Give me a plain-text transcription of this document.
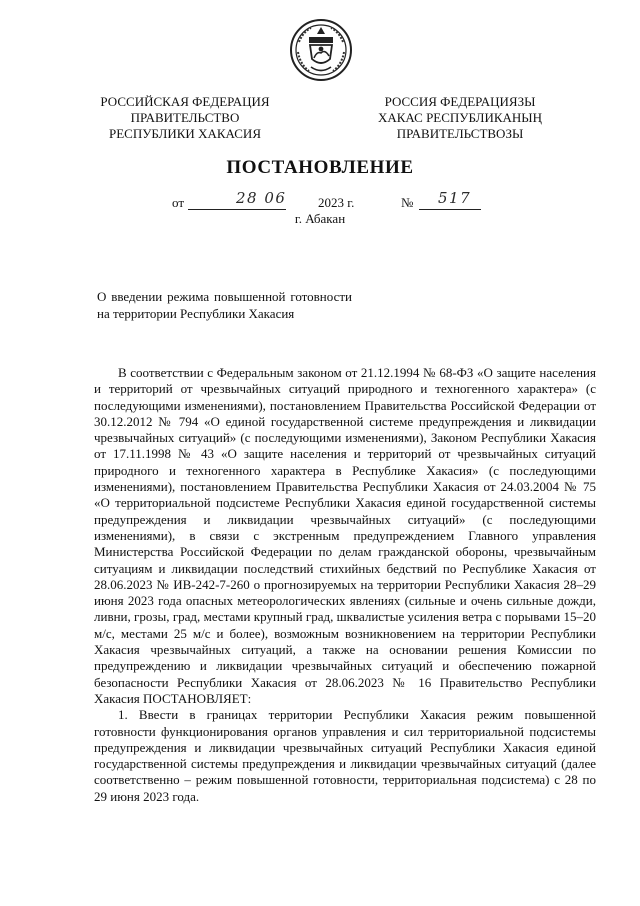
РОССИЙСКАЯ ФЕДЕРАЦИЯ
ПРАВИТЕЛЬСТВО
РЕСПУБЛИКИ ХАКАСИЯ
РОССИЯ ФЕДЕРАЦИЯЗЫ
ХАКАС РЕСПУБЛИКАНЫҢ
ПРАВИТЕЛЬСТВОЗЫ
ПОСТАНОВЛЕНИЕ
от	28 06 2023 г.	№ 517
г. Абакан
О введении режима повышенной готовности на территории Республики Хакасия

В соответствии с Федеральным законом от 21.12.1994 № 68-ФЗ «О защите населения и территорий от чрезвычайных ситуаций природного и техногенного характера» (с последующими изменениями), постановлением Правительства Российской Федерации от 30.12.2012 № 794 «О единой государственной системе предупреждения и ликвидации чрезвычайных ситуаций» (с последующими изменениями), Законом Республики Хакасия от 17.11.1998 № 43 «О защите населения и территорий от чрезвычайных ситуаций природного и техногенного характера в Республике Хакасия» (с последующими изменениями), постановлением Правительства Республики Хакасия от 24.03.2004 № 75 «О территориальной подсистеме Республики Хакасия единой государственной системы предупреждения и ликвидации чрезвычайных ситуаций» (с последующими изменениями), в связи с экстренным предупреждением Главного управления Министерства Российской Федерации по делам гражданской обороны, чрезвычайным ситуациям и ликвидации последствий стихийных бедствий по Республике Хакасия от 28.06.2023 № ИВ-242-7-260 о прогнозируемых на территории Республики Хакасия 28–29 июня 2023 года опасных метеорологических явлениях (сильные и очень сильные дожди, ливни, грозы, град, местами крупный град, шквалистые усиления ветра с порывами 15–20 м/с, местами 25 м/с и более), возможным возникновением на территории Республики Хакасия чрезвычайных ситуаций, а также на основании решения Комиссии по предупреждению и ликвидации чрезвычайных ситуаций и обеспечению пожарной безопасности Республики Хакасия от 28.06.2023 № 16 Правительство Республики Хакасия ПОСТАНОВЛЯЕТ:

1. Ввести в границах территории Республики Хакасия режим повышенной готовности функционирования органов управления и сил территориальной подсистемы предупреждения и ликвидации чрезвычайных ситуаций Республики Хакасия единой государственной системы предупреждения и ликвидации чрезвычайных ситуаций (далее соответственно – режим повышенной готовности, территориальная подсистема) с 28 по 29 июня 2023 года.
